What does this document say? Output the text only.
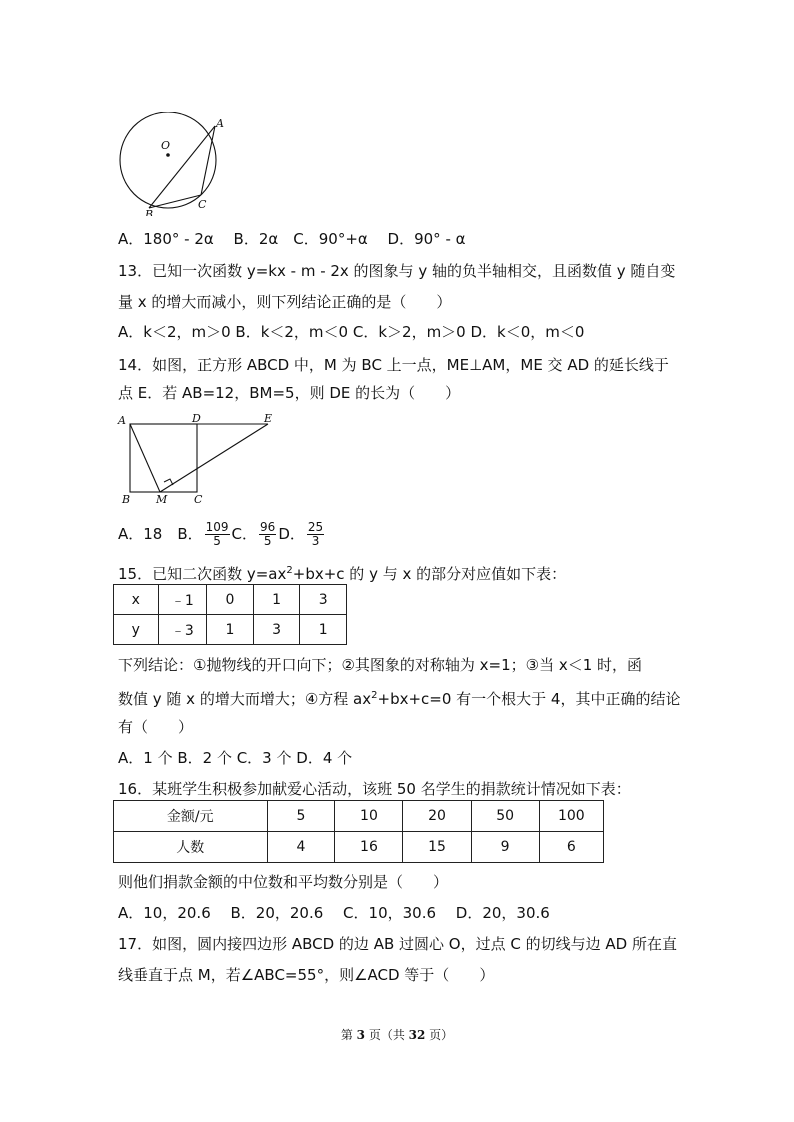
O
A
B
C
A．180° - 2α　 B．2α　C．90°+α　 D．90° - α
13．已知一次函数 y=kx - m - 2x 的图象与 y 轴的负半轴相交，且函数值 y 随自变
量 x 的增大而减小，则下列结论正确的是（　　）
A．k＜2，m＞0 B．k＜2，m＜0 C．k＞2，m＞0 D．k＜0，m＜0
14．如图，正方形 ABCD 中，M 为 BC 上一点，ME⊥AM，ME 交 AD 的延长线于
点 E．若 AB=12，BM=5，则 DE 的长为（　　）
A	D	E
B M C
A．18　B． $\frac{109}{5}$ C． $\frac{96}{5}$ D． $\frac{25}{3}$
15．已知二次函数 $y=ax^2+bx+c$ 的 y 与 x 的部分对应值如下表：
x	﹣1	0	1	3
y	﹣3	1	3	1
下列结论：①抛物线的开口向下；②其图象的对称轴为 x=1；③当 x＜1 时，函
数值 y 随 x 的增大而增大；④方程 $ax^2+bx+c=0$ 有一个根大于 4，其中正确的结论
有（　　）
A．1 个 B．2 个 C．3 个 D．4 个
16．某班学生积极参加献爱心活动，该班 50 名学生的捐款统计情况如下表：
金额/元	5	10	20	50	100
人数	4	16	15	9	6
则他们捐款金额的中位数和平均数分别是（　　）
A．10，20.6　 B．20，20.6　 C．10，30.6　 D．20，30.6
17．如图，圆内接四边形 ABCD 的边 AB 过圆心 O，过点 C 的切线与边 AD 所在直
线垂直于点 M，若∠ABC=55°，则∠ACD 等于（　　）
第 3 页（共 32 页）
